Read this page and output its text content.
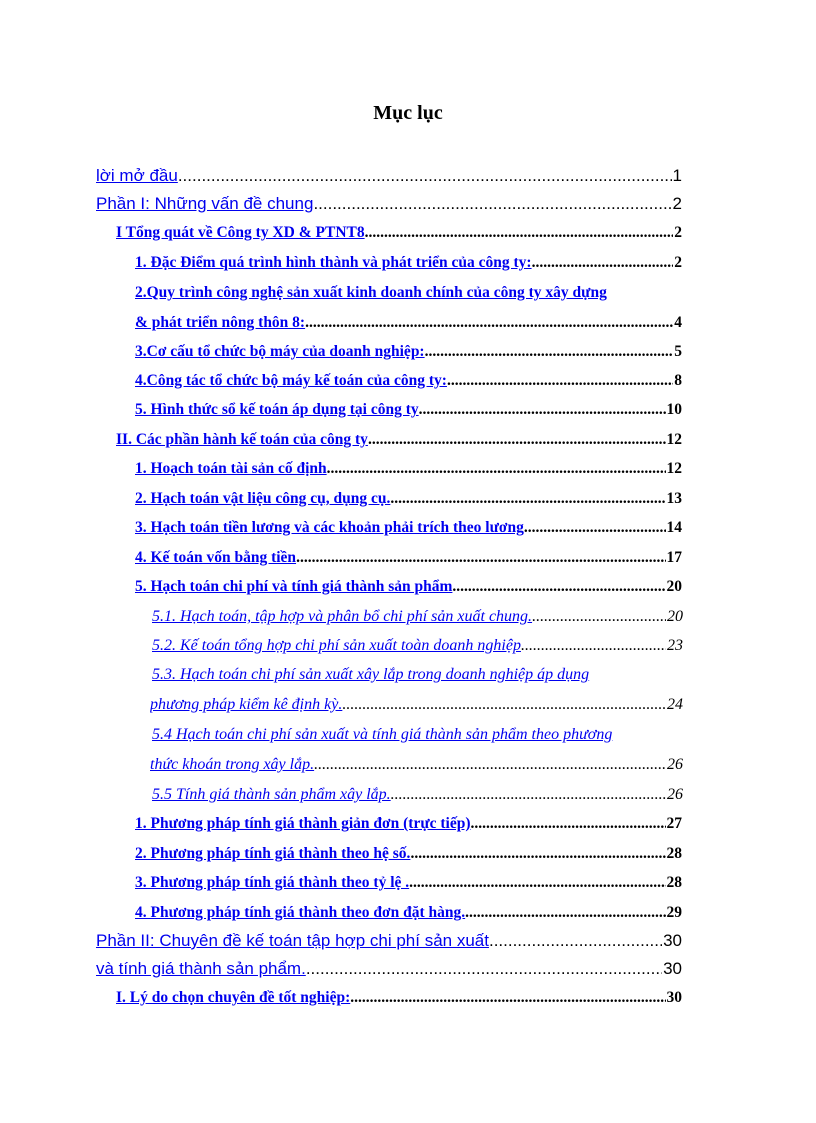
Mục lục
lời mở đầu .....	1
Phần I: Những vấn đề chung .....	2
I Tổng quát về Công ty XD & PTNT8 .....	2
1. Đặc Điểm quá trình hình thành và phát triển của công ty: .....	2
2.Quy trình công nghệ sản xuất kinh doanh chính của công ty xây dựng
& phát triển nông thôn 8: .....	4
3.Cơ cấu tổ chức bộ máy của doanh nghiệp: .....	5
4.Công tác tổ chức bộ máy kế toán của công ty: .....	8
5. Hình thức sổ kế toán áp dụng tại công ty .....	10
II. Các phần hành kế toán của công ty .....	12
1. Hoạch toán tài sản cố định .....	12
2. Hạch toán vật liệu công cụ, dụng cụ. .....	13
3. Hạch toán tiền lương và các khoản phải trích theo lương .....	14
4. Kế toán vốn bằng tiền .....	17
5. Hạch toán chi phí và tính giá thành sản phẩm .....	20
5.1. Hạch toán, tập hợp và phân bổ chi phí sản xuất chung. .....	20
5.2. Kế toán tổng hợp chi phí sản xuất toàn doanh nghiệp .....	23
5.3. Hạch toán chi phí sản xuất xây lắp trong doanh nghiệp áp dụng
phương pháp kiểm kê định kỳ. .....	24
5.4 Hạch toán chi phí sản xuất và tính giá thành sản phẩm theo phương
thức khoán trong xây lắp. .....	26
5.5 Tính giá thành sản phẩm xây lắp. .....	26
1. Phương pháp tính giá thành giản đơn (trực tiếp) .....	27
2. Phương pháp tính giá thành theo hệ số. .....	28
3. Phương pháp tính giá thành theo tỷ lệ . .....	28
4. Phương pháp tính giá thành theo đơn đặt hàng. .....	29
Phần II: Chuyên đề kế toán tập hợp chi phí sản xuất .....	30
và tính giá thành sản phẩm. .....	30
I. Lý do chọn chuyên đề tốt nghiệp: .....	30
